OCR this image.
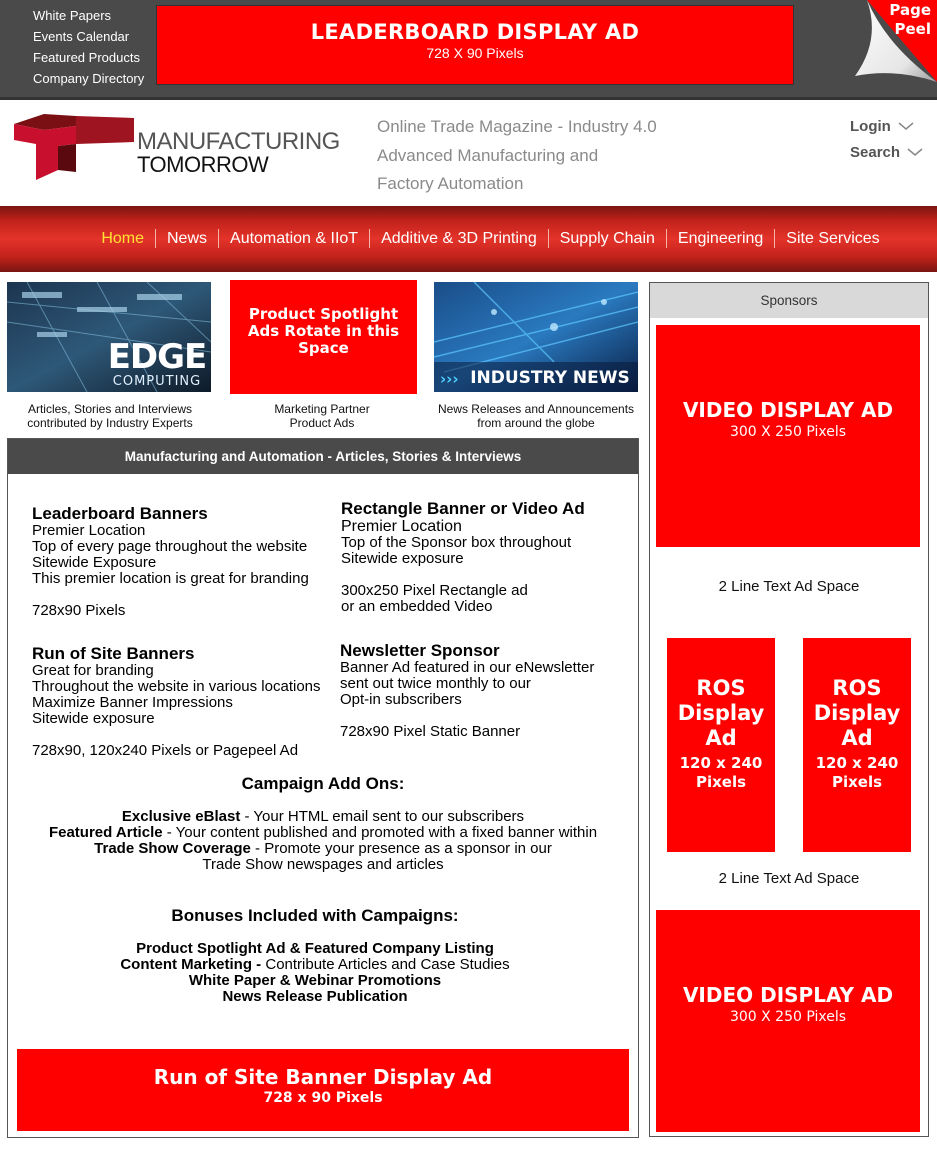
White Papers
Events Calendar
Featured Products
Company Directory
LEADERBOARD DISPLAY AD
728 X 90 Pixels
Page
Peel
MANUFACTURING
TOMORROW
Online Trade Magazine - Industry 4.0
Advanced Manufacturing and
Factory Automation
Login
Search
Home	News	Automation & IIoT	Additive & 3D Printing	Supply Chain	Engineering	Site Services
EDGE
COMPUTING
Articles, Stories and Interviews
contributed by Industry Experts
Product Spotlight
Ads Rotate in this
Space
Marketing Partner
Product Ads
››› INDUSTRY NEWS
News Releases and Announcements
from around the globe
Manufacturing and Automation - Articles, Stories & Interviews
Leaderboard Banners

Premier Location

Top of every page throughout the website

Sitewide Exposure

This premier location is great for branding

728x90 Pixels

Rectangle Banner or Video Ad

Premier Location

Top of the Sponsor box throughout

Sitewide exposure

300x250 Pixel Rectangle ad

or an embedded Video

Run of Site Banners

Great for branding

Throughout the website in various locations

Maximize Banner Impressions

Sitewide exposure

728x90, 120x240 Pixels or Pagepeel Ad

Newsletter Sponsor

Banner Ad featured in our eNewsletter

sent out twice monthly to our

Opt-in subscribers

728x90 Pixel Static Banner

Campaign Add Ons:

Exclusive eBlast - Your HTML email sent to our subscribers

Featured Article - Your content published and promoted with a fixed banner within

Trade Show Coverage - Promote your presence as a sponsor in our

Trade Show newspages and articles

Bonuses Included with Campaigns:

Product Spotlight Ad & Featured Company Listing

Content Marketing - Contribute Articles and Case Studies

White Paper & Webinar Promotions

News Release Publication

Run of Site Banner Display Ad
728 x 90 Pixels
Sponsors
VIDEO DISPLAY AD
300 X 250 Pixels
2 Line Text Ad Space
ROS
Display
Ad
120 x 240
Pixels
ROS
Display
Ad
120 x 240
Pixels
2 Line Text Ad Space
VIDEO DISPLAY AD
300 X 250 Pixels
